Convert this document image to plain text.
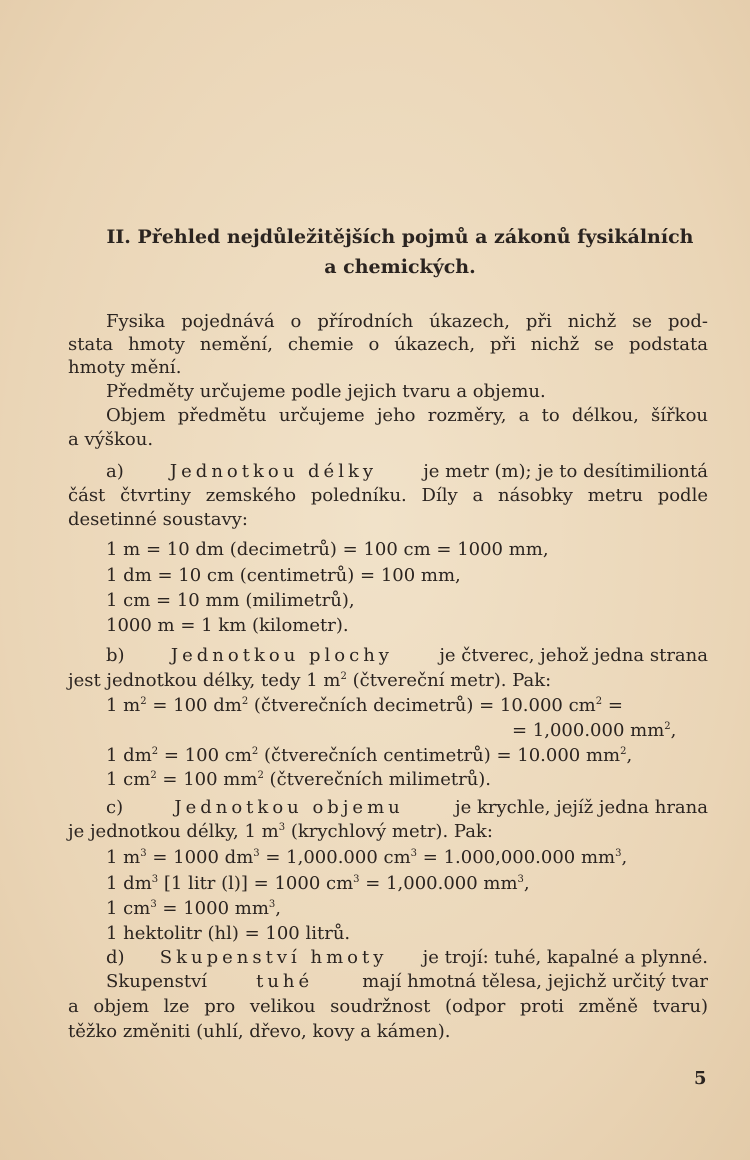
II. Přehled nejdůležitějších pojmů a zákonů fysikálních
a chemických.
Fysika pojednává o přírodních úkazech, při nichž se pod-
stata hmoty nemění, chemie o úkazech, při nichž se podstata
hmoty mění.
Předměty určujeme podle jejich tvaru a objemu.
Objem předmětu určujeme jeho rozměry, a to délkou, šířkou
a výškou.
a)	Jednotkou délky	je metr (m); je to desítimiliontá
část čtvrtiny zemského poledníku. Díly a násobky metru podle
desetinné soustavy:
1 m = 10 dm (decimetrů) = 100 cm = 1000 mm,
1 dm = 10 cm (centimetrů) = 100 mm,
1 cm = 10 mm (milimetrů),
1000 m = 1 km (kilometr).
b)	Jednotkou plochy	je čtverec, jehož jedna strana
jest jednotkou délky, tedy 1 $m^2$ (čtvereční metr). Pak:
1 $m^2 = 100$ $dm^2$ (čtverečních decimetrů) = 10.000 $cm^2$ =
= 1,000.000 $mm^2$,
1 $dm^2 = 100$ $cm^2$ (čtverečních centimetrů) = 10.000 $mm^2$,
1 $cm^2 = 100$ $mm^2$ (čtverečních milimetrů).
c)	Jednotkou objemu	je krychle, jejíž jedna hrana
je jednotkou délky, 1 $m^3$ (krychlový metr). Pak:
1 $m^3 = 1000$ $dm^3 = 1,000.000$ $cm^3 = 1.000,000.000$ $mm^3$,
1 $dm^3$ [1 litr (l)] = 1000 $cm^3 = 1,000.000$ $mm^3$,
1 $cm^3 = 1000$ $mm^3$,
1 hektolitr (hl) = 100 litrů.
d) Skupenství hmoty je trojí: tuhé, kapalné a plynné.
Skupenství	tuhé	mají hmotná tělesa, jejichž určitý tvar
a objem lze pro velikou soudržnost (odpor proti změně tvaru)
těžko změniti (uhlí, dřevo, kovy a kámen).
5
